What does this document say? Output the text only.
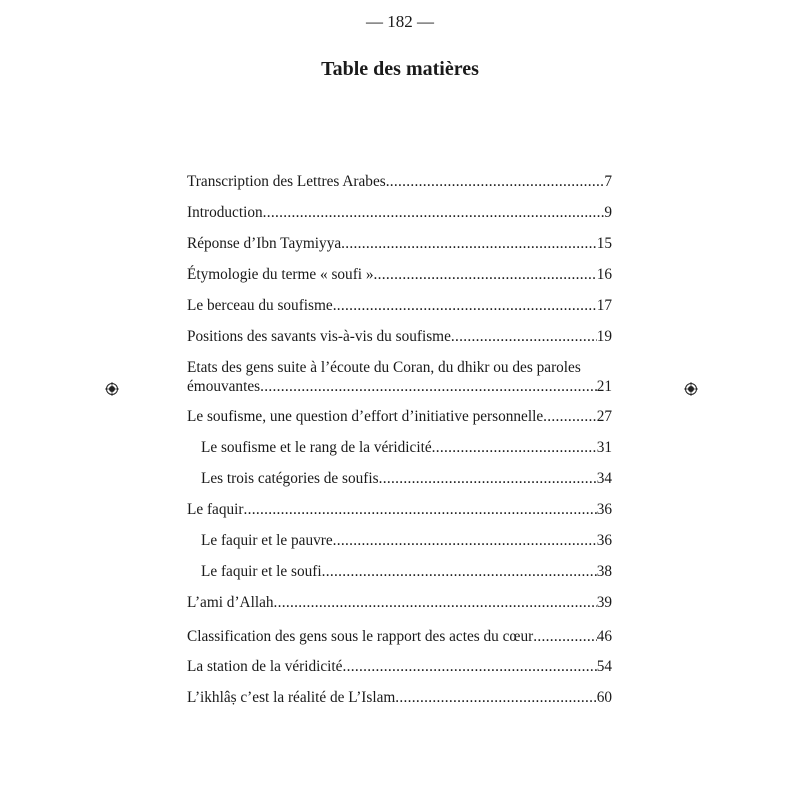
— 182 —
Table des matières
Transcription des Lettres Arabes .....	7
Introduction .....	9
Réponse d’Ibn Taymiyya .....	15
Étymologie du terme « soufi » .....	16
Le berceau du soufisme .....	17
Positions des savants vis-à-vis du soufisme .....	19
Etats des gens suite à l’écoute du Coran, du dhikr ou des paroles
émouvantes .....	21
Le soufisme, une question d’effort d’initiative personnelle .....	27
Le soufisme et le rang de la véridicité .....	31
Les trois catégories de soufis .....	34
Le faquir .....	36
Le faquir et le pauvre .....	36
Le faquir et le soufi .....	38
L’ami d’Allah .....	39
Classification des gens sous le rapport des actes du cœur .....	46
La station de la véridicité .....	54
L’ikhlâṣ c’est la réalité de L’Islam .....	60
